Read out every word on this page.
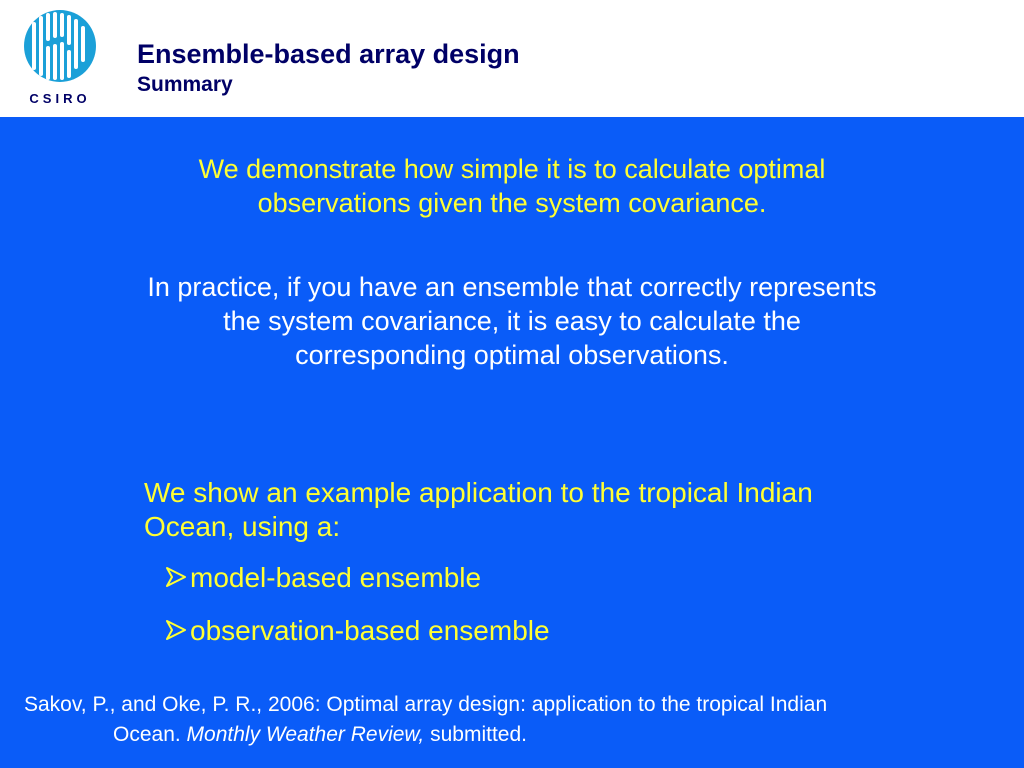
CSIRO
Ensemble-based array design
Summary
We demonstrate how simple it is to calculate optimal observations given the system covariance.
In practice, if you have an ensemble that correctly represents the system covariance, it is easy to calculate the corresponding optimal observations.
We show an example application to the tropical Indian Ocean, using a:
model-based ensemble
observation-based ensemble
Sakov, P., and Oke, P. R., 2006: Optimal array design: application to the tropical Indian
Ocean. Monthly Weather Review, submitted.
